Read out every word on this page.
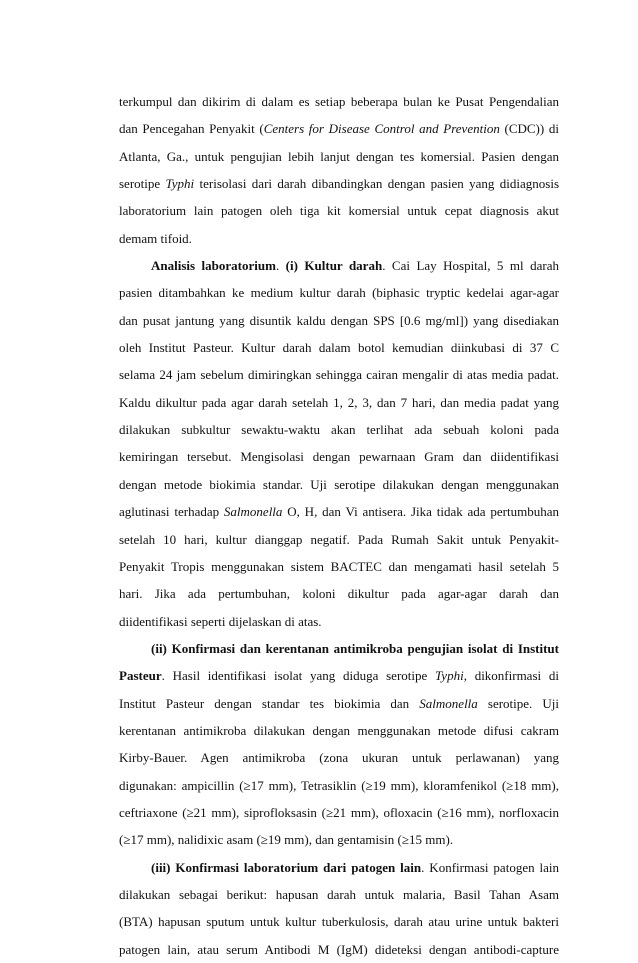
terkumpul dan dikirim di dalam es setiap beberapa bulan ke Pusat Pengendalian
dan Pencegahan Penyakit (Centers for Disease Control and Prevention (CDC)) di
Atlanta, Ga., untuk pengujian lebih lanjut dengan tes komersial. Pasien dengan
serotipe Typhi terisolasi dari darah dibandingkan dengan pasien yang didiagnosis
laboratorium lain patogen oleh tiga kit komersial untuk cepat diagnosis akut
demam tifoid.
Analisis laboratorium. (i) Kultur darah. Cai Lay Hospital, 5 ml darah
pasien ditambahkan ke medium kultur darah (biphasic tryptic kedelai agar-agar
dan pusat jantung yang disuntik kaldu dengan SPS [0.6 mg/ml]) yang disediakan
oleh Institut Pasteur. Kultur darah dalam botol kemudian diinkubasi di 37 C
selama 24 jam sebelum dimiringkan sehingga cairan mengalir di atas media padat.
Kaldu dikultur pada agar darah setelah 1, 2, 3, dan 7 hari, dan media padat yang
dilakukan subkultur sewaktu-waktu akan terlihat ada sebuah koloni pada
kemiringan tersebut. Mengisolasi dengan pewarnaan Gram dan diidentifikasi
dengan metode biokimia standar. Uji serotipe dilakukan dengan menggunakan
aglutinasi terhadap Salmonella O, H, dan Vi antisera. Jika tidak ada pertumbuhan
setelah 10 hari, kultur dianggap negatif. Pada Rumah Sakit untuk Penyakit-
Penyakit Tropis menggunakan sistem BACTEC dan mengamati hasil setelah 5
hari. Jika ada pertumbuhan, koloni dikultur pada agar-agar darah dan
diidentifikasi seperti dijelaskan di atas.
(ii) Konfirmasi dan kerentanan antimikroba pengujian isolat di Institut
Pasteur. Hasil identifikasi isolat yang diduga serotipe Typhi, dikonfirmasi di
Institut Pasteur dengan standar tes biokimia dan Salmonella serotipe. Uji
kerentanan antimikroba dilakukan dengan menggunakan metode difusi cakram
Kirby-Bauer. Agen antimikroba (zona ukuran untuk perlawanan) yang
digunakan: ampicillin (≥17 mm), Tetrasiklin (≥19 mm), kloramfenikol (≥18 mm),
ceftriaxone (≥21 mm), siprofloksasin (≥21 mm), ofloxacin (≥16 mm), norfloxacin
(≥17 mm), nalidixic asam (≥19 mm), dan gentamisin (≥15 mm).
(iii) Konfirmasi laboratorium dari patogen lain. Konfirmasi patogen lain
dilakukan sebagai berikut: hapusan darah untuk malaria, Basil Tahan Asam
(BTA) hapusan sputum untuk kultur tuberkulosis, darah atau urine untuk bakteri
patogen lain, atau serum Antibodi M (IgM) dideteksi dengan antibodi-capture
